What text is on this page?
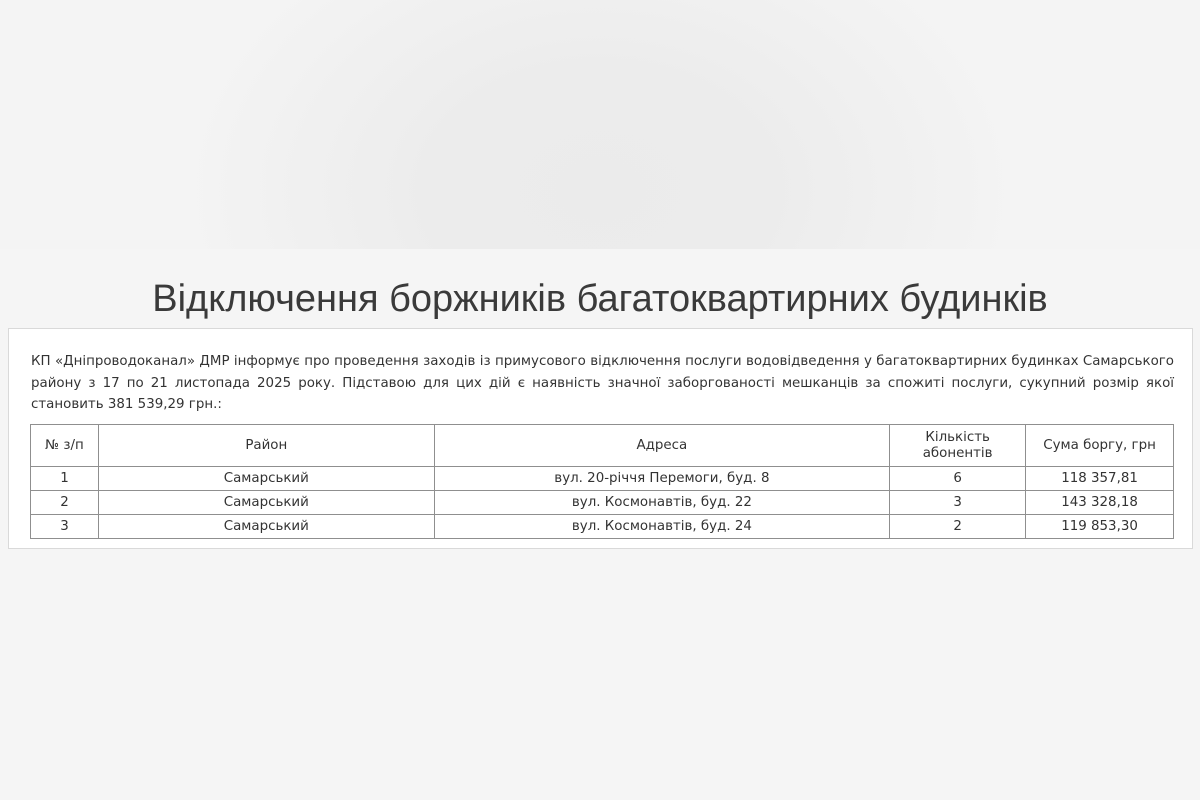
Відключення боржників багатоквартирних будинків

КП «Дніпроводоканал» ДМР інформує про проведення заходів із примусового відключення послуги водовідведення у багатоквартирних будинках Самарського району з 17 по 21 листопада 2025 року. Підставою для цих дій є наявність значної заборгованості мешканців за спожиті послуги, сукупний розмір якої становить 381 539,29 грн.:

№ з/п	Район	Адреса	Кількість абонентів	Сума боргу, грн
1	Самарський	вул. 20-річчя Перемоги, буд. 8	6	118 357,81
2	Самарський	вул. Космонавтів, буд. 22	3	143 328,18
3	Самарський	вул. Космонавтів, буд. 24	2	119 853,30
